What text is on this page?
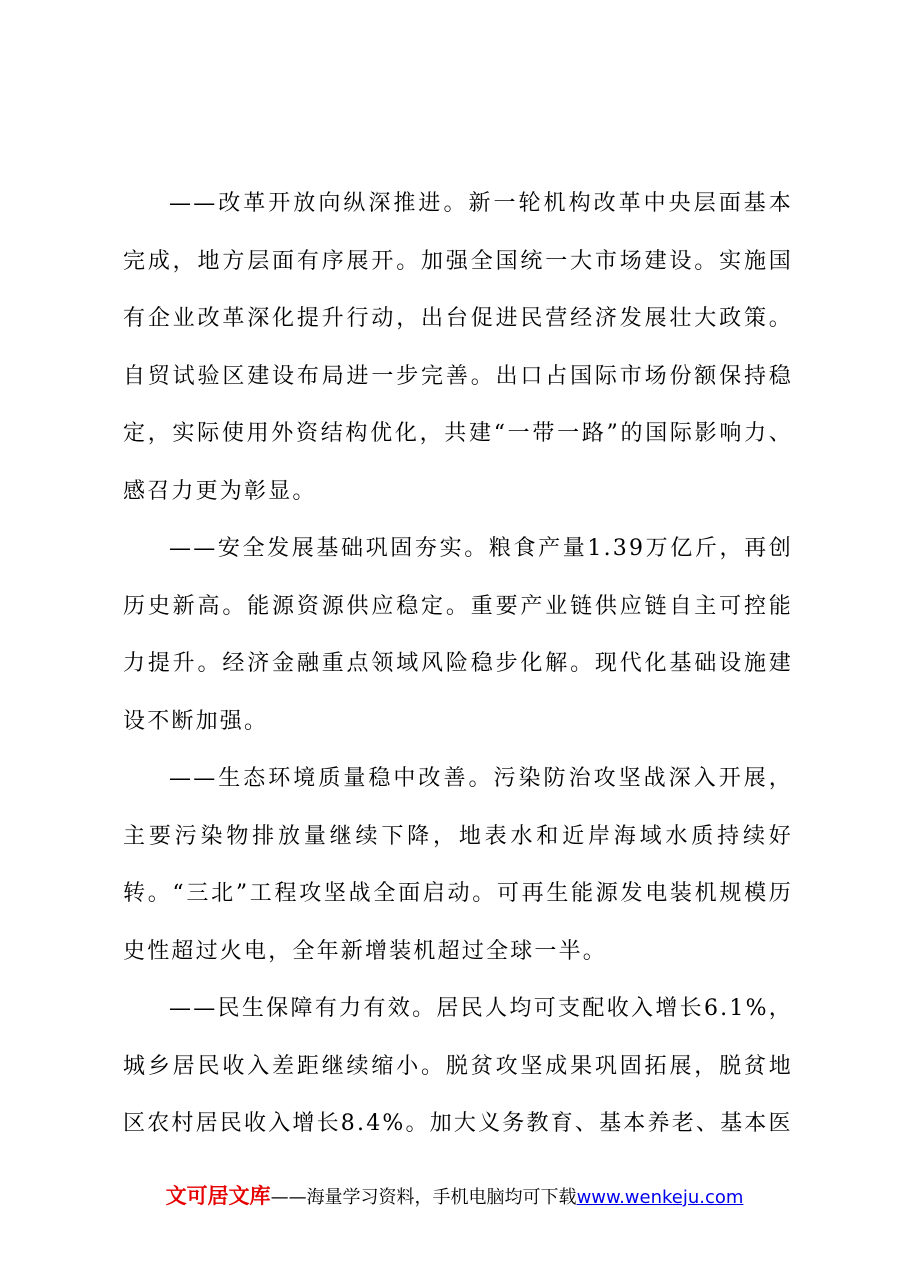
——改革开放向纵深推进。新一轮机构改革中央层面基本完成，地方层面有序展开。加强全国统一大市场建设。实施国有企业改革深化提升行动，出台促进民营经济发展壮大政策。自贸试验区建设布局进一步完善。出口占国际市场份额保持稳定，实际使用外资结构优化，共建“一带一路”的国际影响力、感召力更为彰显。

——安全发展基础巩固夯实。粮食产量1.39万亿斤，再创历史新高。能源资源供应稳定。重要产业链供应链自主可控能力提升。经济金融重点领域风险稳步化解。现代化基础设施建设不断加强。

——生态环境质量稳中改善。污染防治攻坚战深入开展，主要污染物排放量继续下降，地表水和近岸海域水质持续好转。“三北”工程攻坚战全面启动。可再生能源发电装机规模历史性超过火电，全年新增装机超过全球一半。

——民生保障有力有效。居民人均可支配收入增长6.1%，城乡居民收入差距继续缩小。脱贫攻坚成果巩固拓展，脱贫地区农村居民收入增长8.4%。加大义务教育、基本养老、基本医

文可居文库——海量学习资料，手机电脑均可下载www.wenkeju.com
